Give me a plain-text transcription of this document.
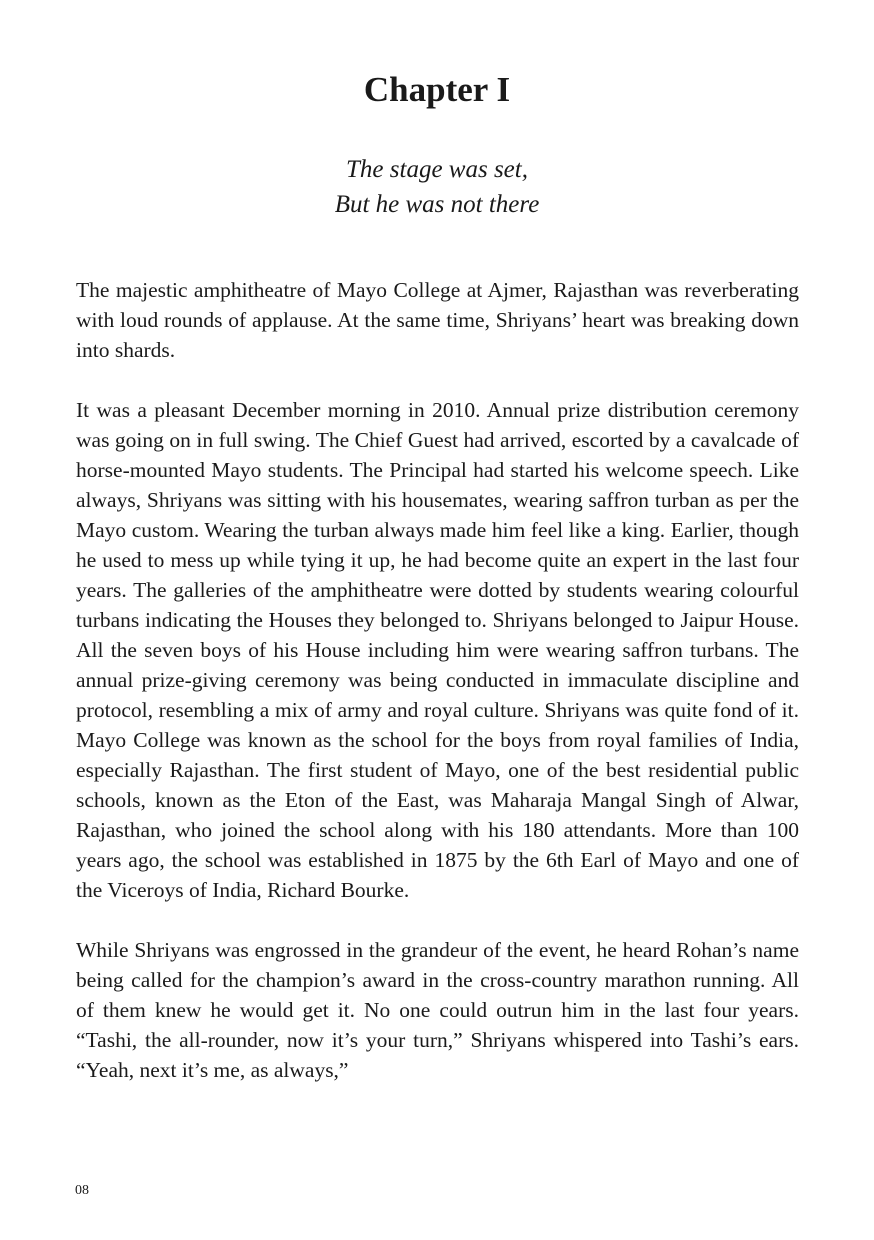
Chapter I
The stage was set,
But he was not there

The majestic amphitheatre of Mayo College at Ajmer, Rajasthan was reverberating with loud rounds of applause. At the same time, Shriyans’ heart was breaking down into shards.

It was a pleasant December morning in 2010. Annual prize distribution ceremony was going on in full swing. The Chief Guest had arrived, escorted by a cavalcade of horse-mounted Mayo students. The Principal had started his welcome speech. Like always, Shriyans was sitting with his housemates, wearing saffron turban as per the Mayo custom. Wearing the turban always made him feel like a king. Earlier, though he used to mess up while tying it up, he had become quite an expert in the last four years. The galleries of the amphitheatre were dotted by students wearing colourful turbans indicating the Houses they belonged to. Shriyans belonged to Jaipur House. All the seven boys of his House including him were wearing saffron turbans. The annual prize-giving ceremony was being conducted in immaculate discipline and protocol, resembling a mix of army and royal culture. Shriyans was quite fond of it. Mayo College was known as the school for the boys from royal families of India, especially Rajasthan. The first student of Mayo, one of the best residential public schools, known as the Eton of the East, was Maharaja Mangal Singh of Alwar, Rajasthan, who joined the school along with his 180 attendants. More than 100 years ago, the school was established in 1875 by the 6th Earl of Mayo and one of the Viceroys of India, Richard Bourke.

While Shriyans was engrossed in the grandeur of the event, he heard Rohan’s name being called for the champion’s award in the cross-country marathon running. All of them knew he would get it. No one could outrun him in the last four years. “Tashi, the all-rounder, now it’s your turn,” Shriyans whispered into Tashi’s ears. “Yeah, next it’s me, as always,”

08
